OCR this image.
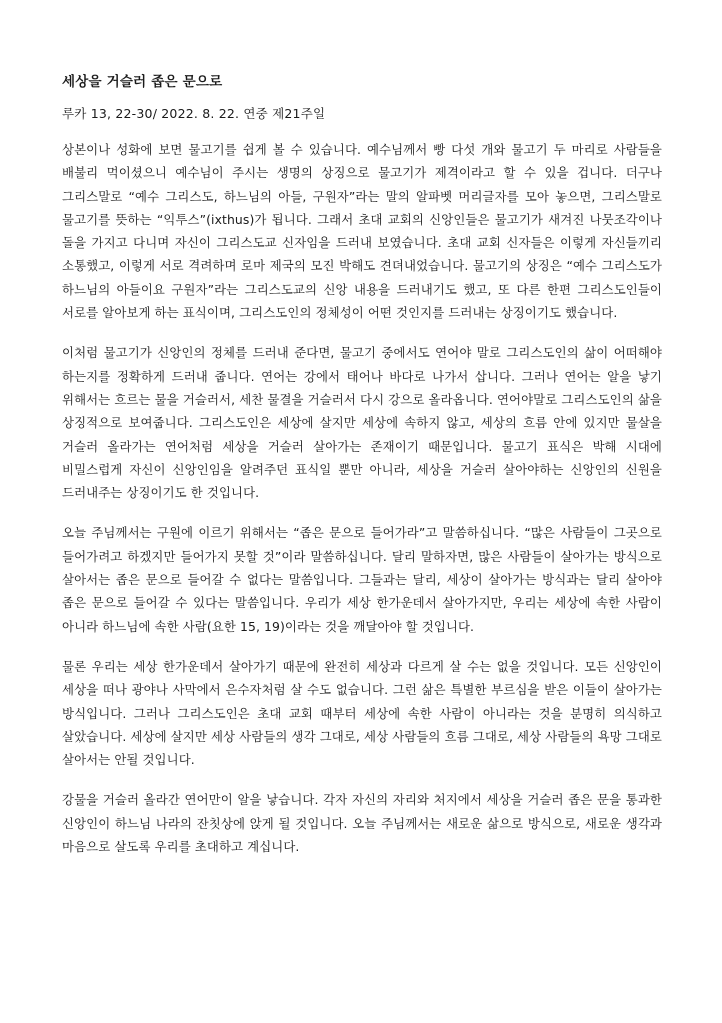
세상을 거슬러 좁은 문으로

루카 13, 22-30/ 2022. 8. 22. 연중 제21주일

상본이나 성화에 보면 물고기를 쉽게 볼 수 있습니다. 예수님께서 빵 다섯 개와 물고기 두 마리로 사람들을 배불리 먹이셨으니 예수님이 주시는 생명의 상징으로 물고기가 제격이라고 할 수 있을 겁니다. 더구나 그리스말로 “예수 그리스도, 하느님의 아들, 구원자”라는 말의 알파벳 머리글자를 모아 놓으면, 그리스말로 물고기를 뜻하는 “익투스”(ixthus)가 됩니다. 그래서 초대 교회의 신앙인들은 물고기가 새겨진 나뭇조각이나 돌을 가지고 다니며 자신이 그리스도교 신자임을 드러내 보였습니다. 초대 교회 신자들은 이렇게 자신들끼리 소통했고, 이렇게 서로 격려하며 로마 제국의 모진 박해도 견뎌내었습니다. 물고기의 상징은 “예수 그리스도가 하느님의 아들이요 구원자”라는 그리스도교의 신앙 내용을 드러내기도 했고, 또 다른 한편 그리스도인들이 서로를 알아보게 하는 표식이며, 그리스도인의 정체성이 어떤 것인지를 드러내는 상징이기도 했습니다.

이처럼 물고기가 신앙인의 정체를 드러내 준다면, 물고기 중에서도 연어야 말로 그리스도인의 삶이 어떠해야 하는지를 정확하게 드러내 줍니다. 연어는 강에서 태어나 바다로 나가서 삽니다. 그러나 연어는 알을 낳기 위해서는 흐르는 물을 거슬러서, 세찬 물결을 거슬러서 다시 강으로 올라옵니다. 연어야말로 그리스도인의 삶을 상징적으로 보여줍니다. 그리스도인은 세상에 살지만 세상에 속하지 않고, 세상의 흐름 안에 있지만 물살을 거슬러 올라가는 연어처럼 세상을 거슬러 살아가는 존재이기 때문입니다. 물고기 표식은 박해 시대에 비밀스럽게 자신이 신앙인임을 알려주던 표식일 뿐만 아니라, 세상을 거슬러 살아야하는 신앙인의 신원을 드러내주는 상징이기도 한 것입니다.

오늘 주님께서는 구원에 이르기 위해서는 “좁은 문으로 들어가라”고 말씀하십니다. “많은 사람들이 그곳으로 들어가려고 하겠지만 들어가지 못할 것”이라 말씀하십니다. 달리 말하자면, 많은 사람들이 살아가는 방식으로 살아서는 좁은 문으로 들어갈 수 없다는 말씀입니다. 그들과는 달리, 세상이 살아가는 방식과는 달리 살아야 좁은 문으로 들어갈 수 있다는 말씀입니다. 우리가 세상 한가운데서 살아가지만, 우리는 세상에 속한 사람이 아니라 하느님에 속한 사람(요한 15, 19)이라는 것을 깨달아야 할 것입니다.

물론 우리는 세상 한가운데서 살아가기 때문에 완전히 세상과 다르게 살 수는 없을 것입니다. 모든 신앙인이 세상을 떠나 광야나 사막에서 은수자처럼 살 수도 없습니다. 그런 삶은 특별한 부르심을 받은 이들이 살아가는 방식입니다. 그러나 그리스도인은 초대 교회 때부터 세상에 속한 사람이 아니라는 것을 분명히 의식하고 살았습니다. 세상에 살지만 세상 사람들의 생각 그대로, 세상 사람들의 흐름 그대로, 세상 사람들의 욕망 그대로 살아서는 안될 것입니다.

강물을 거슬러 올라간 연어만이 알을 낳습니다. 각자 자신의 자리와 처지에서 세상을 거슬러 좁은 문을 통과한 신앙인이 하느님 나라의 잔칫상에 앉게 될 것입니다. 오늘 주님께서는 새로운 삶으로 방식으로, 새로운 생각과 마음으로 살도록 우리를 초대하고 계십니다.
